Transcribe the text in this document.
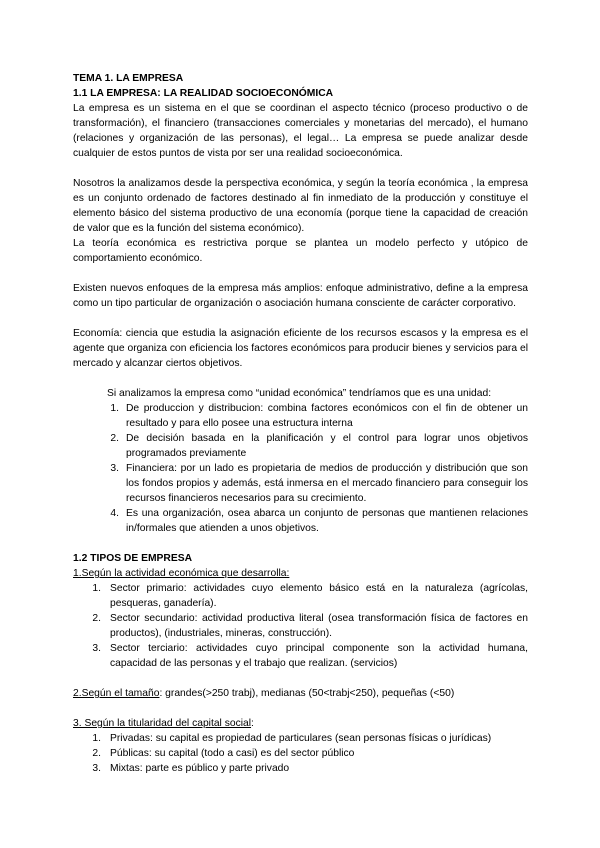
TEMA 1. LA EMPRESA

1.1 LA EMPRESA: LA REALIDAD SOCIOECONÓMICA

La empresa es un sistema en el que se coordinan el aspecto técnico (proceso productivo o de transformación), el financiero (transacciones comerciales y monetarias del mercado), el humano (relaciones y organización de las personas), el legal… La empresa se puede analizar desde cualquier de estos puntos de vista por ser una realidad socioeconómica.

Nosotros la analizamos desde la perspectiva económica, y según la teoría económica , la empresa es un conjunto ordenado de factores destinado al fin inmediato de la producción y constituye el elemento básico del sistema productivo de una economía (porque tiene la capacidad de creación de valor que es la función del sistema económico).

La teoría económica es restrictiva porque se plantea un modelo perfecto y utópico de comportamiento económico.

Existen nuevos enfoques de la empresa más amplios: enfoque administrativo, define a la empresa como un tipo particular de organización o asociación humana consciente de carácter corporativo.

Economía: ciencia que estudia la asignación eficiente de los recursos escasos y la empresa es el agente que organiza con eficiencia los factores económicos para producir bienes y servicios para el mercado y alcanzar ciertos objetivos.

Si analizamos la empresa como “unidad económica” tendríamos que es una unidad:

1. De produccion y distribucion: combina factores económicos con el fin de obtener un resultado y para ello posee una estructura interna
2. De decisión basada en la planificación y el control para lograr unos objetivos programados previamente
3. Financiera: por un lado es propietaria de medios de producción y distribución que son los fondos propios y además, está inmersa en el mercado financiero para conseguir los recursos financieros necesarios para su crecimiento.
4. Es una organización, osea abarca un conjunto de personas que mantienen relaciones in/formales que atienden a unos objetivos.

1.2 TIPOS DE EMPRESA

1.Según la actividad económica que desarrolla:

1. Sector primario: actividades cuyo elemento básico está en la naturaleza (agrícolas, pesqueras, ganadería).
2. Sector secundario: actividad productiva literal (osea transformación física de factores en productos), (industriales, mineras, construcción).
3. Sector terciario: actividades cuyo principal componente son la actividad humana, capacidad de las personas y el trabajo que realizan. (servicios)

2.Según el tamaño: grandes(>250 trabj), medianas (50<trabj<250), pequeñas (<50)

3. Según la titularidad del capital social:

1. Privadas: su capital es propiedad de particulares (sean personas físicas o jurídicas)
2. Públicas: su capital (todo a casi) es del sector público
3. Mixtas: parte es público y parte privado
